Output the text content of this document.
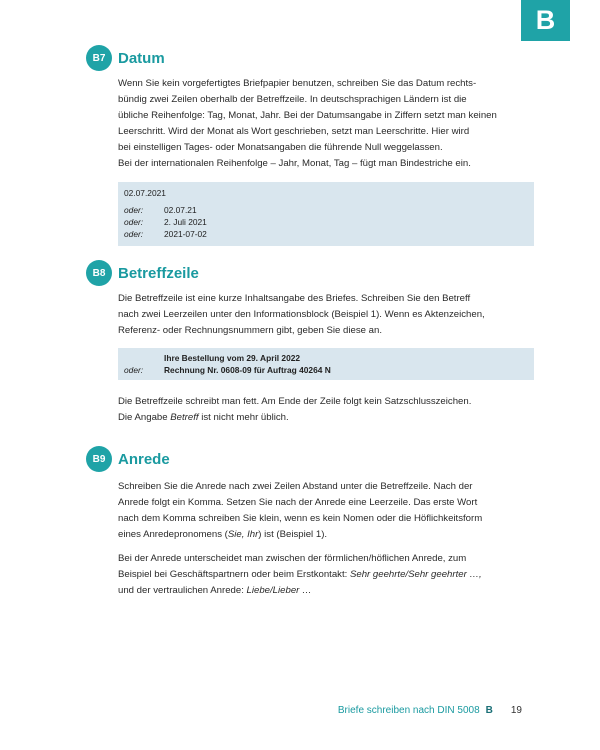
B
B7 Datum

Wenn Sie kein vorgefertigtes Briefpapier benutzen, schreiben Sie das Datum rechts-

bündig zwei Zeilen oberhalb der Betreffzeile. In deutschsprachigen Ländern ist die

übliche Reihenfolge: Tag, Monat, Jahr. Bei der Datumsangabe in Ziffern setzt man keinen

Leerschritt. Wird der Monat als Wort geschrieben, setzt man Leerschritte. Hier wird

bei einstelligen Tages- oder Monatsangaben die führende Null weggelassen.

Bei der internationalen Reihenfolge – Jahr, Monat, Tag – fügt man Bindestriche ein.

02.07.2021
oder:	02.07.21
oder:	2. Juli 2021
oder:	2021-07-02
B8 Betreffzeile

Die Betreffzeile ist eine kurze Inhaltsangabe des Briefes. Schreiben Sie den Betreff

nach zwei Leerzeilen unter den Informationsblock (Beispiel 1). Wenn es Aktenzeichen,

Referenz- oder Rechnungsnummern gibt, geben Sie diese an.

Ihre Bestellung vom 29. April 2022
oder:	Rechnung Nr. 0608-09 für Auftrag 40264 N

Die Betreffzeile schreibt man fett. Am Ende der Zeile folgt kein Satzschlusszeichen.

Die Angabe Betreff ist nicht mehr üblich.

B9 Anrede

Schreiben Sie die Anrede nach zwei Zeilen Abstand unter die Betreffzeile. Nach der

Anrede folgt ein Komma. Setzen Sie nach der Anrede eine Leerzeile. Das erste Wort

nach dem Komma schreiben Sie klein, wenn es kein Nomen oder die Höflichkeitsform

eines Anredepronomens (Sie, Ihr) ist (Beispiel 1).

Bei der Anrede unterscheidet man zwischen der förmlichen/höflichen Anrede, zum

Beispiel bei Geschäftspartnern oder beim Erstkontakt: Sehr geehrte/Sehr geehrter …,

und der vertraulichen Anrede: Liebe/Lieber …

Briefe schreiben nach DIN 5008 B 19
